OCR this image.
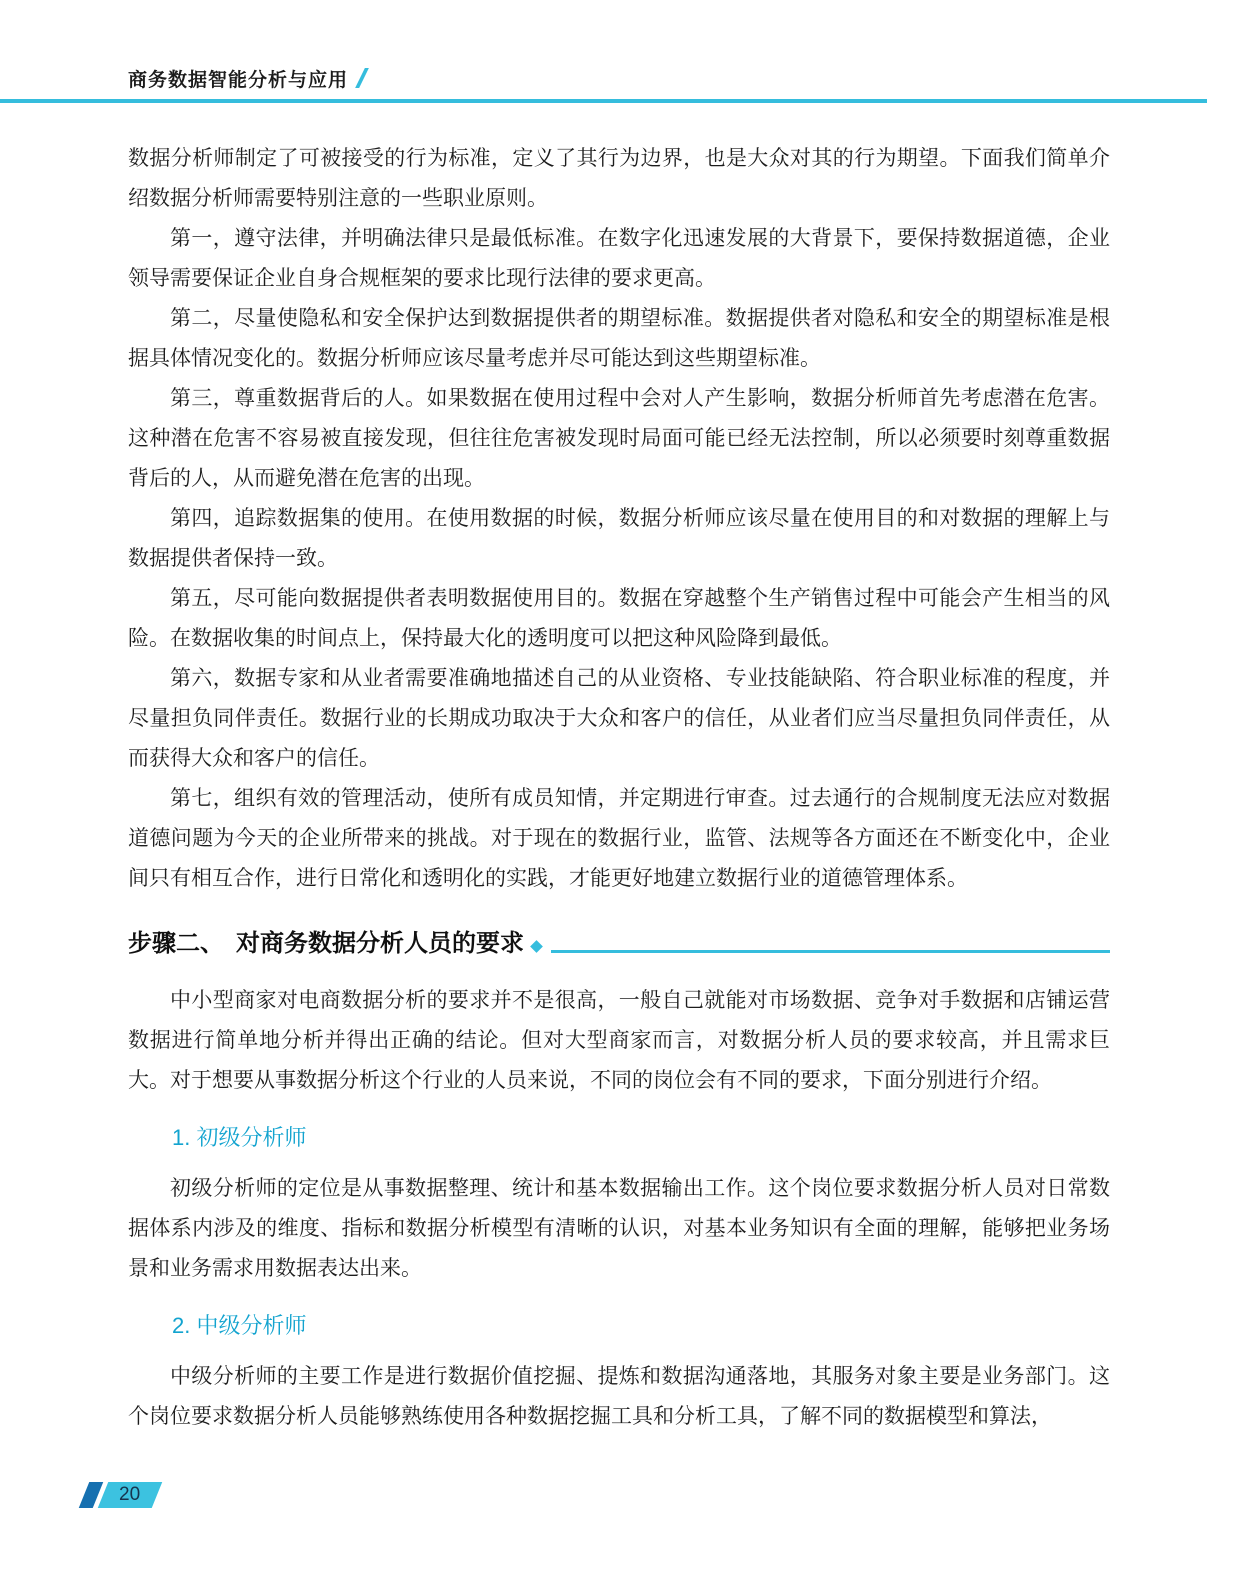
商务数据智能分析与应用

数据分析师制定了可被接受的行为标准，定义了其行为边界，也是大众对其的行为期望。下面我们简单介绍数据分析师需要特别注意的一些职业原则。

第一，遵守法律，并明确法律只是最低标准。在数字化迅速发展的大背景下，要保持数据道德，企业领导需要保证企业自身合规框架的要求比现行法律的要求更高。

第二，尽量使隐私和安全保护达到数据提供者的期望标准。数据提供者对隐私和安全的期望标准是根据具体情况变化的。数据分析师应该尽量考虑并尽可能达到这些期望标准。

第三，尊重数据背后的人。如果数据在使用过程中会对人产生影响，数据分析师首先考虑潜在危害。这种潜在危害不容易被直接发现，但往往危害被发现时局面可能已经无法控制，所以必须要时刻尊重数据背后的人，从而避免潜在危害的出现。

第四，追踪数据集的使用。在使用数据的时候，数据分析师应该尽量在使用目的和对数据的理解上与数据提供者保持一致。

第五，尽可能向数据提供者表明数据使用目的。数据在穿越整个生产销售过程中可能会产生相当的风险。在数据收集的时间点上，保持最大化的透明度可以把这种风险降到最低。

第六，数据专家和从业者需要准确地描述自己的从业资格、专业技能缺陷、符合职业标准的程度，并尽量担负同伴责任。数据行业的长期成功取决于大众和客户的信任，从业者们应当尽量担负同伴责任，从而获得大众和客户的信任。

第七，组织有效的管理活动，使所有成员知情，并定期进行审查。过去通行的合规制度无法应对数据道德问题为今天的企业所带来的挑战。对于现在的数据行业，监管、法规等各方面还在不断变化中，企业间只有相互合作，进行日常化和透明化的实践，才能更好地建立数据行业的道德管理体系。

步骤二、　对商务数据分析人员的要求

中小型商家对电商数据分析的要求并不是很高，一般自己就能对市场数据、竞争对手数据和店铺运营数据进行简单地分析并得出正确的结论。但对大型商家而言，对数据分析人员的要求较高，并且需求巨大。对于想要从事数据分析这个行业的人员来说，不同的岗位会有不同的要求，下面分别进行介绍。

1. 初级分析师

初级分析师的定位是从事数据整理、统计和基本数据输出工作。这个岗位要求数据分析人员对日常数据体系内涉及的维度、指标和数据分析模型有清晰的认识，对基本业务知识有全面的理解，能够把业务场景和业务需求用数据表达出来。

2. 中级分析师

中级分析师的主要工作是进行数据价值挖掘、提炼和数据沟通落地，其服务对象主要是业务部门。这个岗位要求数据分析人员能够熟练使用各种数据挖掘工具和分析工具，了解不同的数据模型和算法，

20
